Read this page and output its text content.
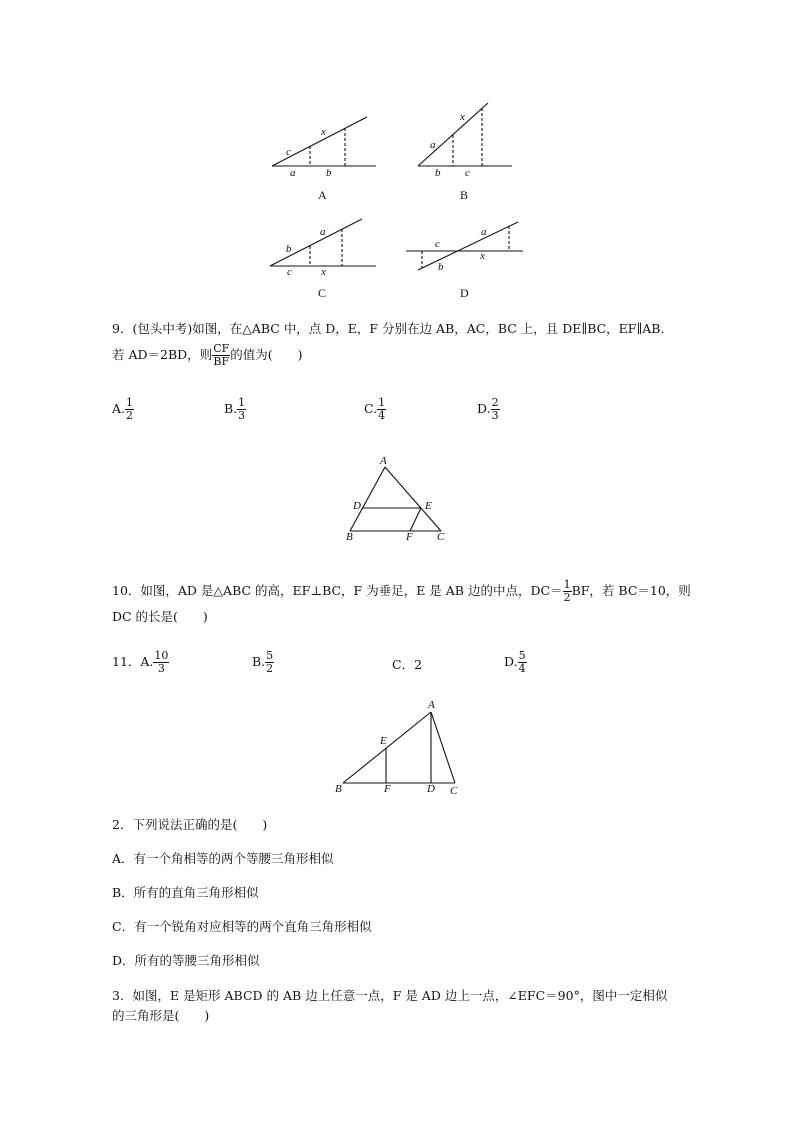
c
x
a	b
A
a
x
b c
B
b
a
c	x
C
c
a
b
x
D
9．(包头中考)如图，在△ABC 中，点 D，E，F 分别在边 AB，AC，BC 上，且 DE∥BC，EF∥AB.
若 AD＝2BD，则 $\frac{CF}{BF}$ 的值为(　　)
A. $\frac{1}{2}$	B. $\frac{1}{3}$	C. $\frac{1}{4}$	D. $\frac{2}{3}$
A
D	E
B	F C
10．如图，AD 是△ABC 的高，EF⊥BC，F 为垂足，E 是 AB 边的中点，$DC= \frac{1}{2}$ BF，若 BC＝10，则
DC 的长是(　　)
11．A. $\frac{10}{3}$	B. $\frac{5}{2}$	C．2	D. $\frac{5}{4}$
A
E
B	F	D C
2．下列说法正确的是(　　)
A．有一个角相等的两个等腰三角形相似
B．所有的直角三角形相似
C．有一个锐角对应相等的两个直角三角形相似
D．所有的等腰三角形相似
3．如图，E 是矩形 ABCD 的 AB 边上任意一点，F 是 AD 边上一点，∠EFC＝90°，图中一定相似
的三角形是(　　)
